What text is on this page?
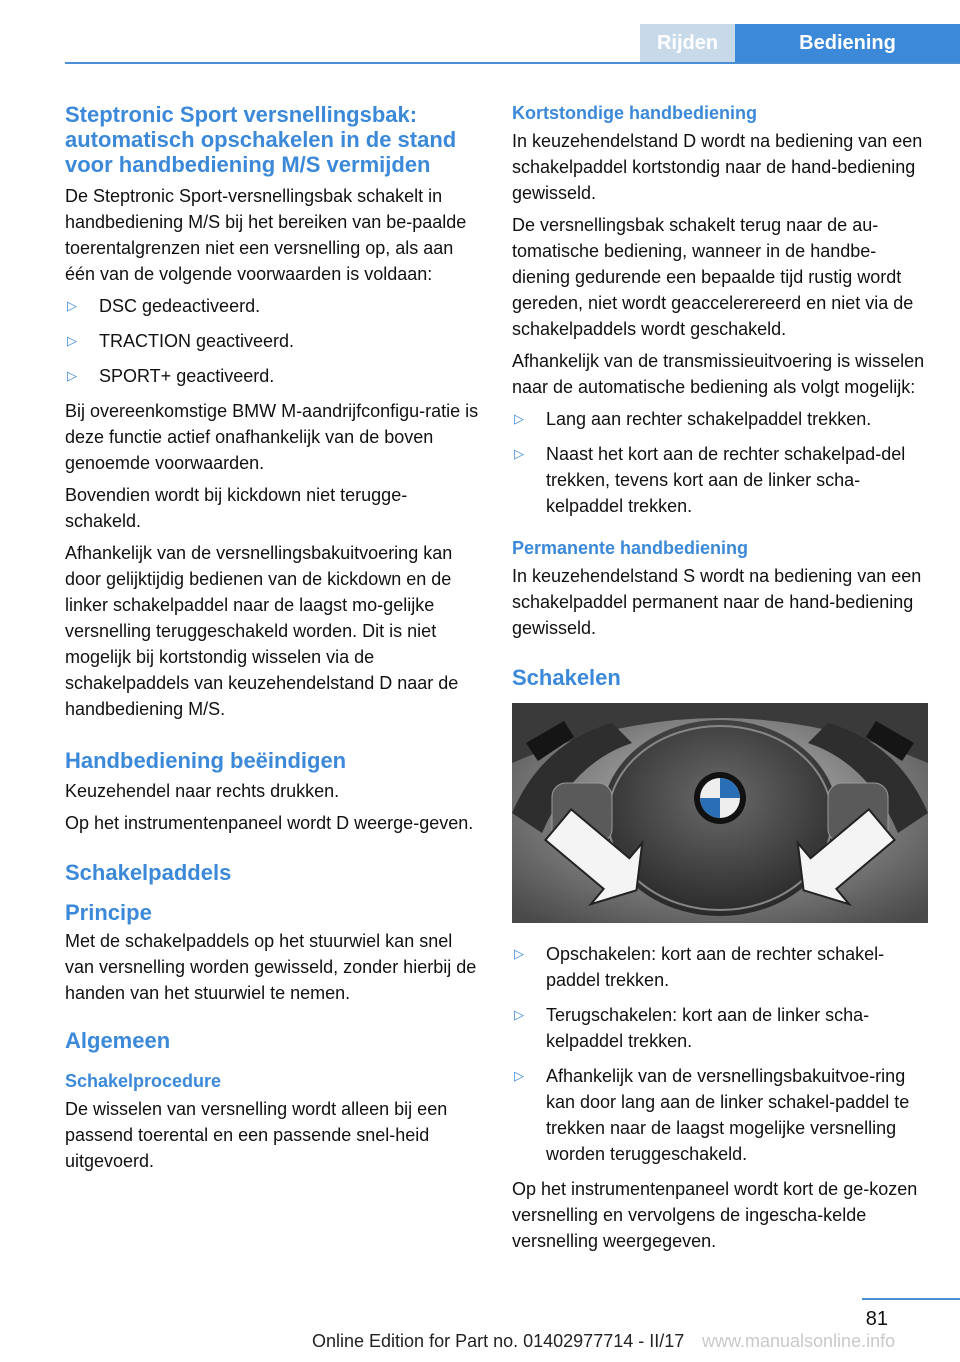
Rijden	Bediening
Steptronic Sport versnellingsbak: automatisch opschakelen in de stand voor handbediening M/S vermijden

De Steptronic Sport-versnellingsbak schakelt in handbediening M/S bij het bereiken van be‐paalde toerentalgrenzen niet een versnelling op, als aan één van de volgende voorwaarden is voldaan:

▷ DSC gedeactiveerd.
▷ TRACTION geactiveerd.
▷ SPORT+ geactiveerd.

Bij overeenkomstige BMW M-aandrijfconfigu‐ratie is deze functie actief onafhankelijk van de boven genoemde voorwaarden.

Bovendien wordt bij kickdown niet terugge‐schakeld.

Afhankelijk van de versnellingsbakuitvoering kan door gelijktijdig bedienen van de kickdown en de linker schakelpaddel naar de laagst mo‐gelijke versnelling teruggeschakeld worden. Dit is niet mogelijk bij kortstondig wisselen via de schakelpaddels van keuzehendelstand D naar de handbediening M/S.

Handbediening beëindigen

Keuzehendel naar rechts drukken.

Op het instrumentenpaneel wordt D weerge‐geven.

Schakelpaddels
Principe

Met de schakelpaddels op het stuurwiel kan snel van versnelling worden gewisseld, zonder hierbij de handen van het stuurwiel te nemen.

Algemeen
Schakelprocedure

De wisselen van versnelling wordt alleen bij een passend toerental en een passende snel‐heid uitgevoerd.

Kortstondige handbediening

In keuzehendelstand D wordt na bediening van een schakelpaddel kortstondig naar de hand‐bediening gewisseld.

De versnellingsbak schakelt terug naar de au‐tomatische bediening, wanneer in de handbe‐diening gedurende een bepaalde tijd rustig wordt gereden, niet wordt geaccelerereerd en niet via de schakelpaddels wordt geschakeld.

Afhankelijk van de transmissieuitvoering is wisselen naar de automatische bediening als volgt mogelijk:

▷ Lang aan rechter schakelpaddel trekken.
▷ Naast het kort aan de rechter schakelpad‐del trekken, tevens kort aan de linker scha‐kelpaddel trekken.
Permanente handbediening

In keuzehendelstand S wordt na bediening van een schakelpaddel permanent naar de hand‐bediening gewisseld.

Schakelen
▷ Opschakelen: kort aan de rechter schakel‐paddel trekken.
▷ Terugschakelen: kort aan de linker scha‐kelpaddel trekken.
▷ Afhankelijk van de versnellingsbakuitvoe‐ring kan door lang aan de linker schakel‐paddel te trekken naar de laagst mogelijke versnelling worden teruggeschakeld.

Op het instrumentenpaneel wordt kort de ge‐kozen versnelling en vervolgens de ingescha‐kelde versnelling weergegeven.

81
Online Edition for Part no. 01402977714 - II/17 www.manualsonline.info
